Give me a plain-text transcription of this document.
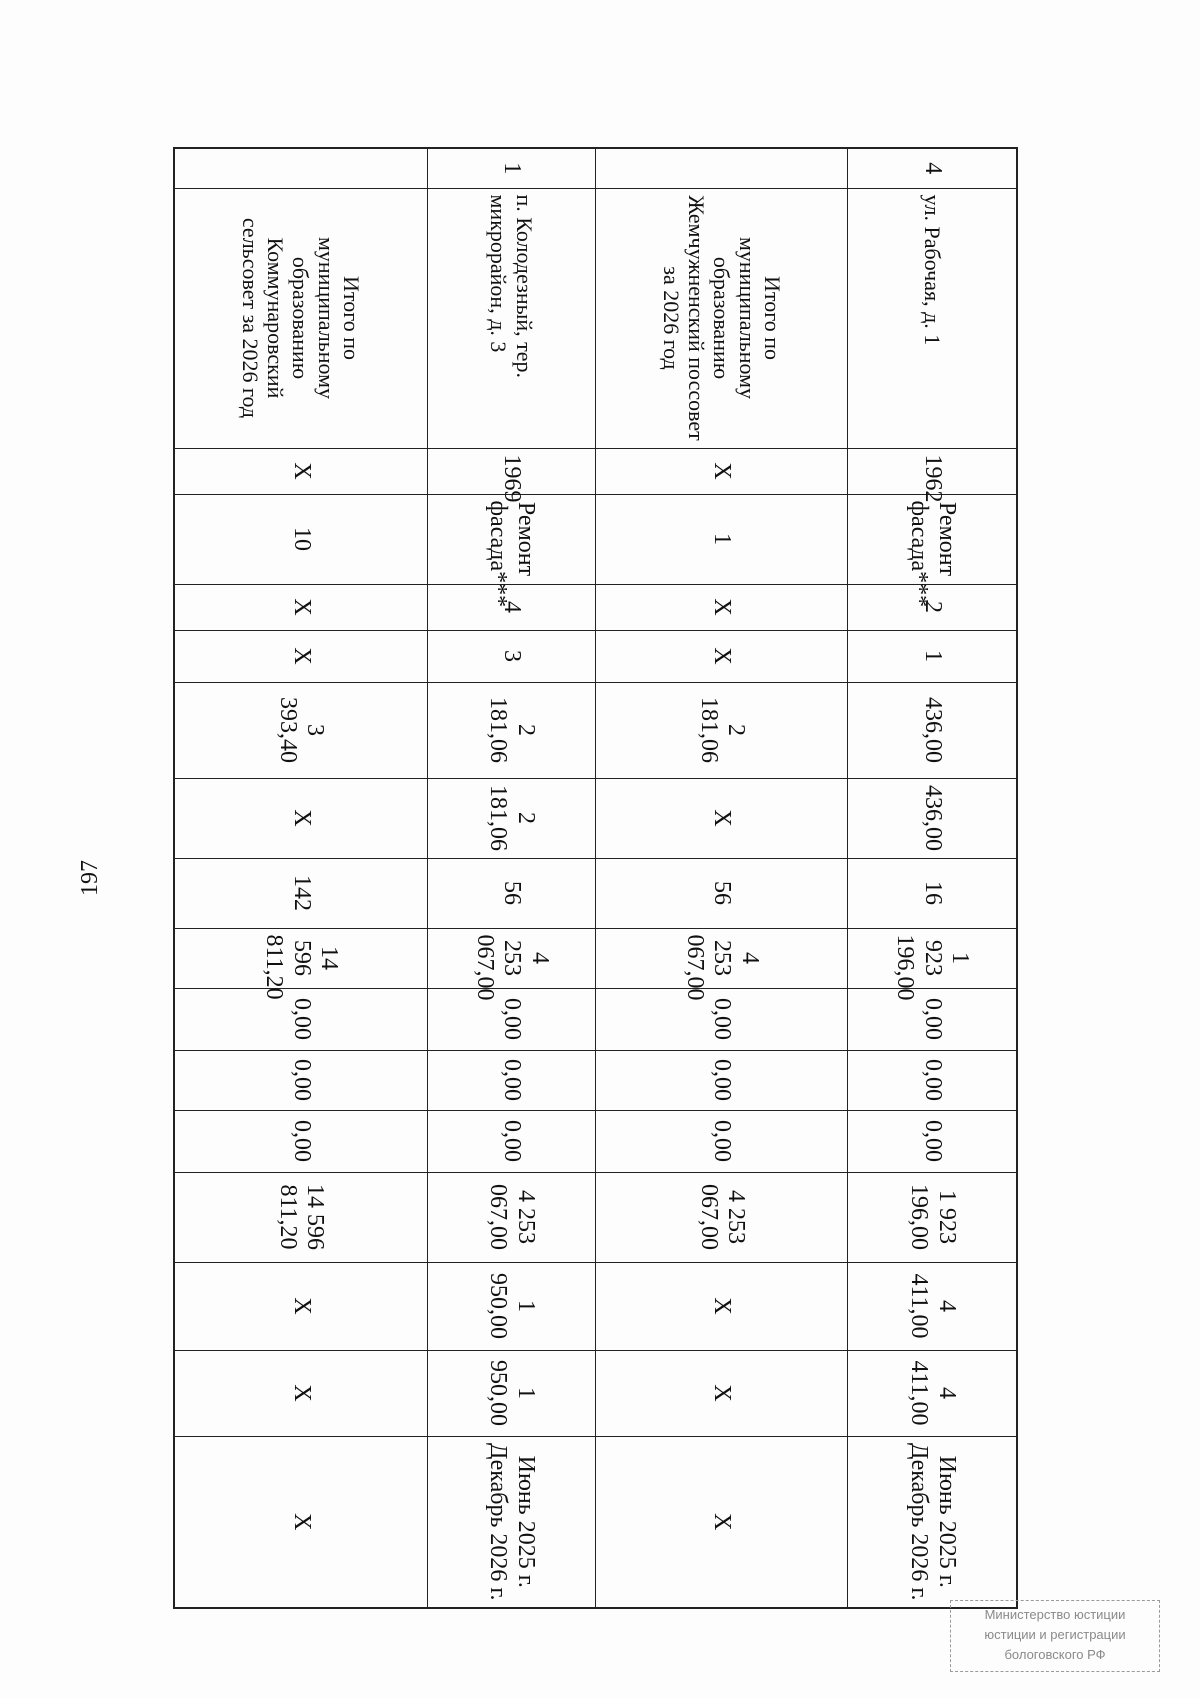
197
4	ул. Рабочая, д. 1	1962	Ремонт фасада***	2	1	436,00	436,00	16	1 923 196,00	0,00	0,00	0,00	1 923 196,00	4 411,00	4 411,00	Июнь 2025 г.
Декабрь 2026 г.

	Итого по муниципальному образованию Жемчужненский поссовет за 2026 год	X	1	X	X	2 181,06	X	56	4 253 067,00	0,00	0,00	0,00	4 253 067,00	X	X	X

1	п. Колодезный, тер. микрорайон, д. 3	1969	Ремонт фасада***	4	3	2 181,06	2 181,06	56	4 253 067,00	0,00	0,00	0,00	4 253 067,00	1 950,00	1 950,00	Июнь 2025 г.
Декабрь 2026 г.

	Итого по муниципальному образованию Коммунаровский сельсовет за 2026 год	X	10	X	X	3 393,40	X	142	14 596 811,20	0,00	0,00	0,00	14 596 811,20	X	X	X
Министерство юстиции
юстиции и регистрации
бологовского РФ
